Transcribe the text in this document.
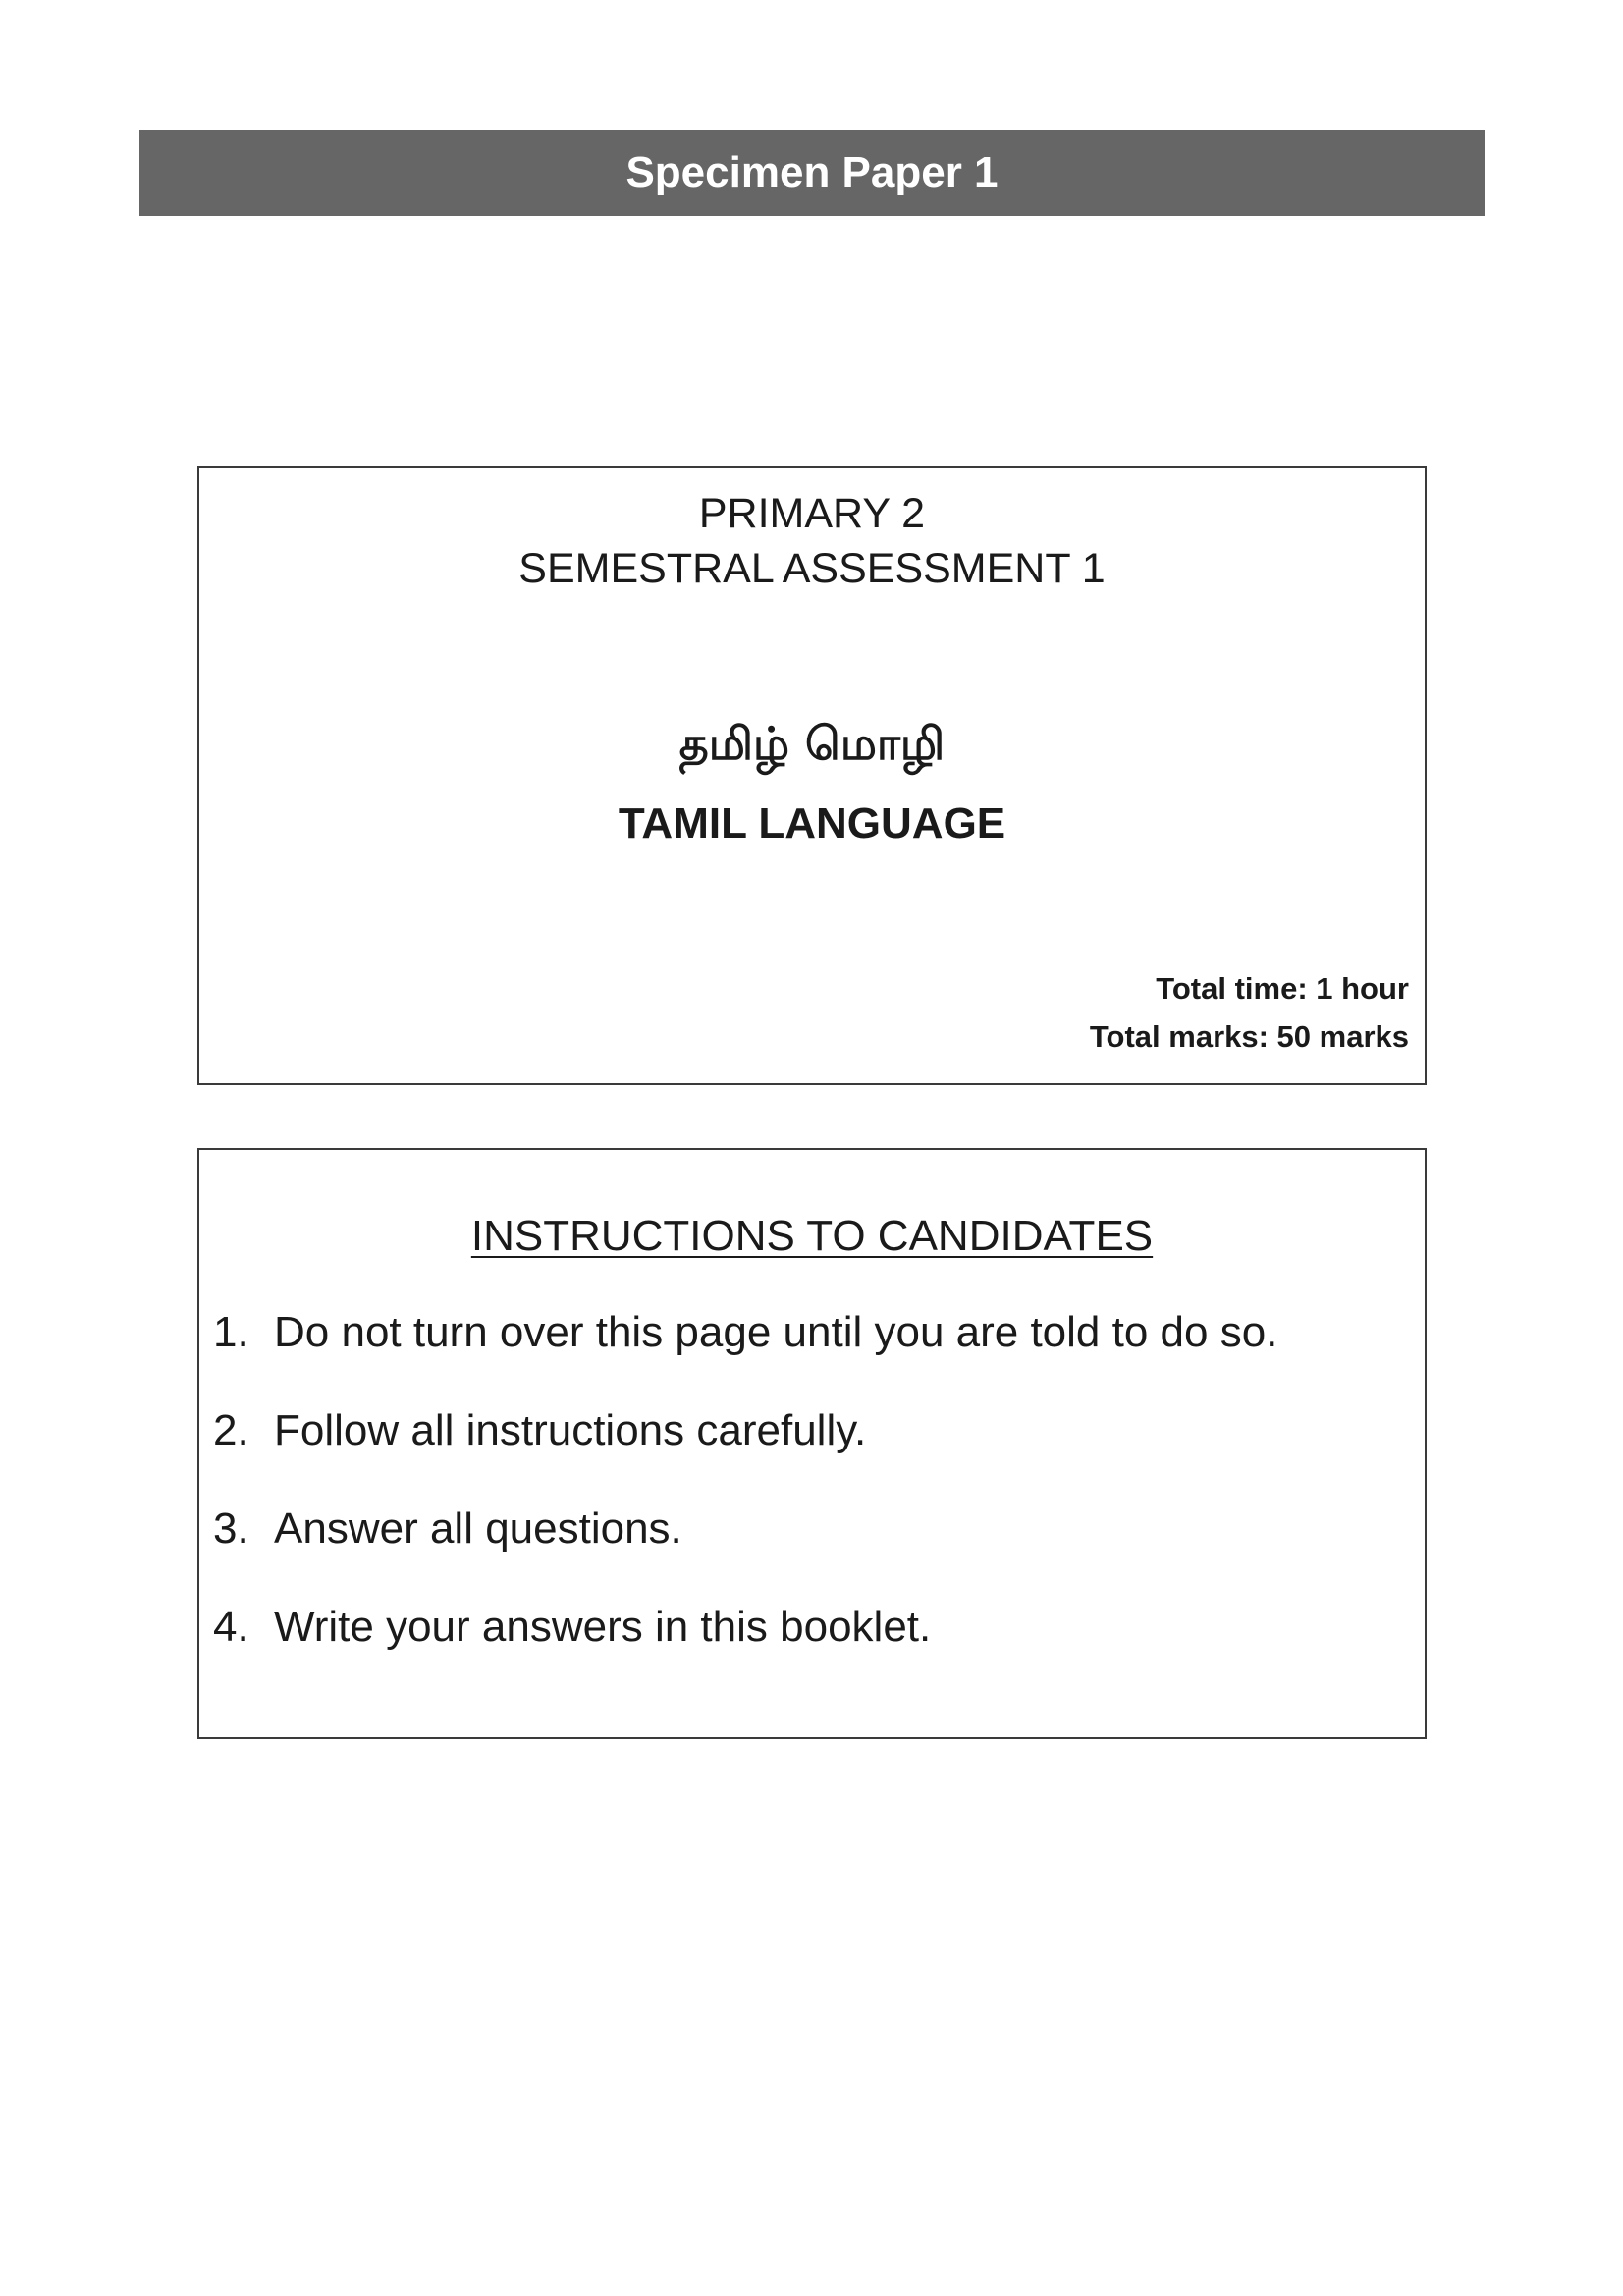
Specimen Paper 1
PRIMARY 2
SEMESTRAL ASSESSMENT 1
தமிழ் மொழி
TAMIL LANGUAGE
Total time: 1 hour
Total marks: 50 marks
INSTRUCTIONS TO CANDIDATES
1. Do not turn over this page until you are told to do so.
2. Follow all instructions carefully.
3. Answer all questions.
4. Write your answers in this booklet.
